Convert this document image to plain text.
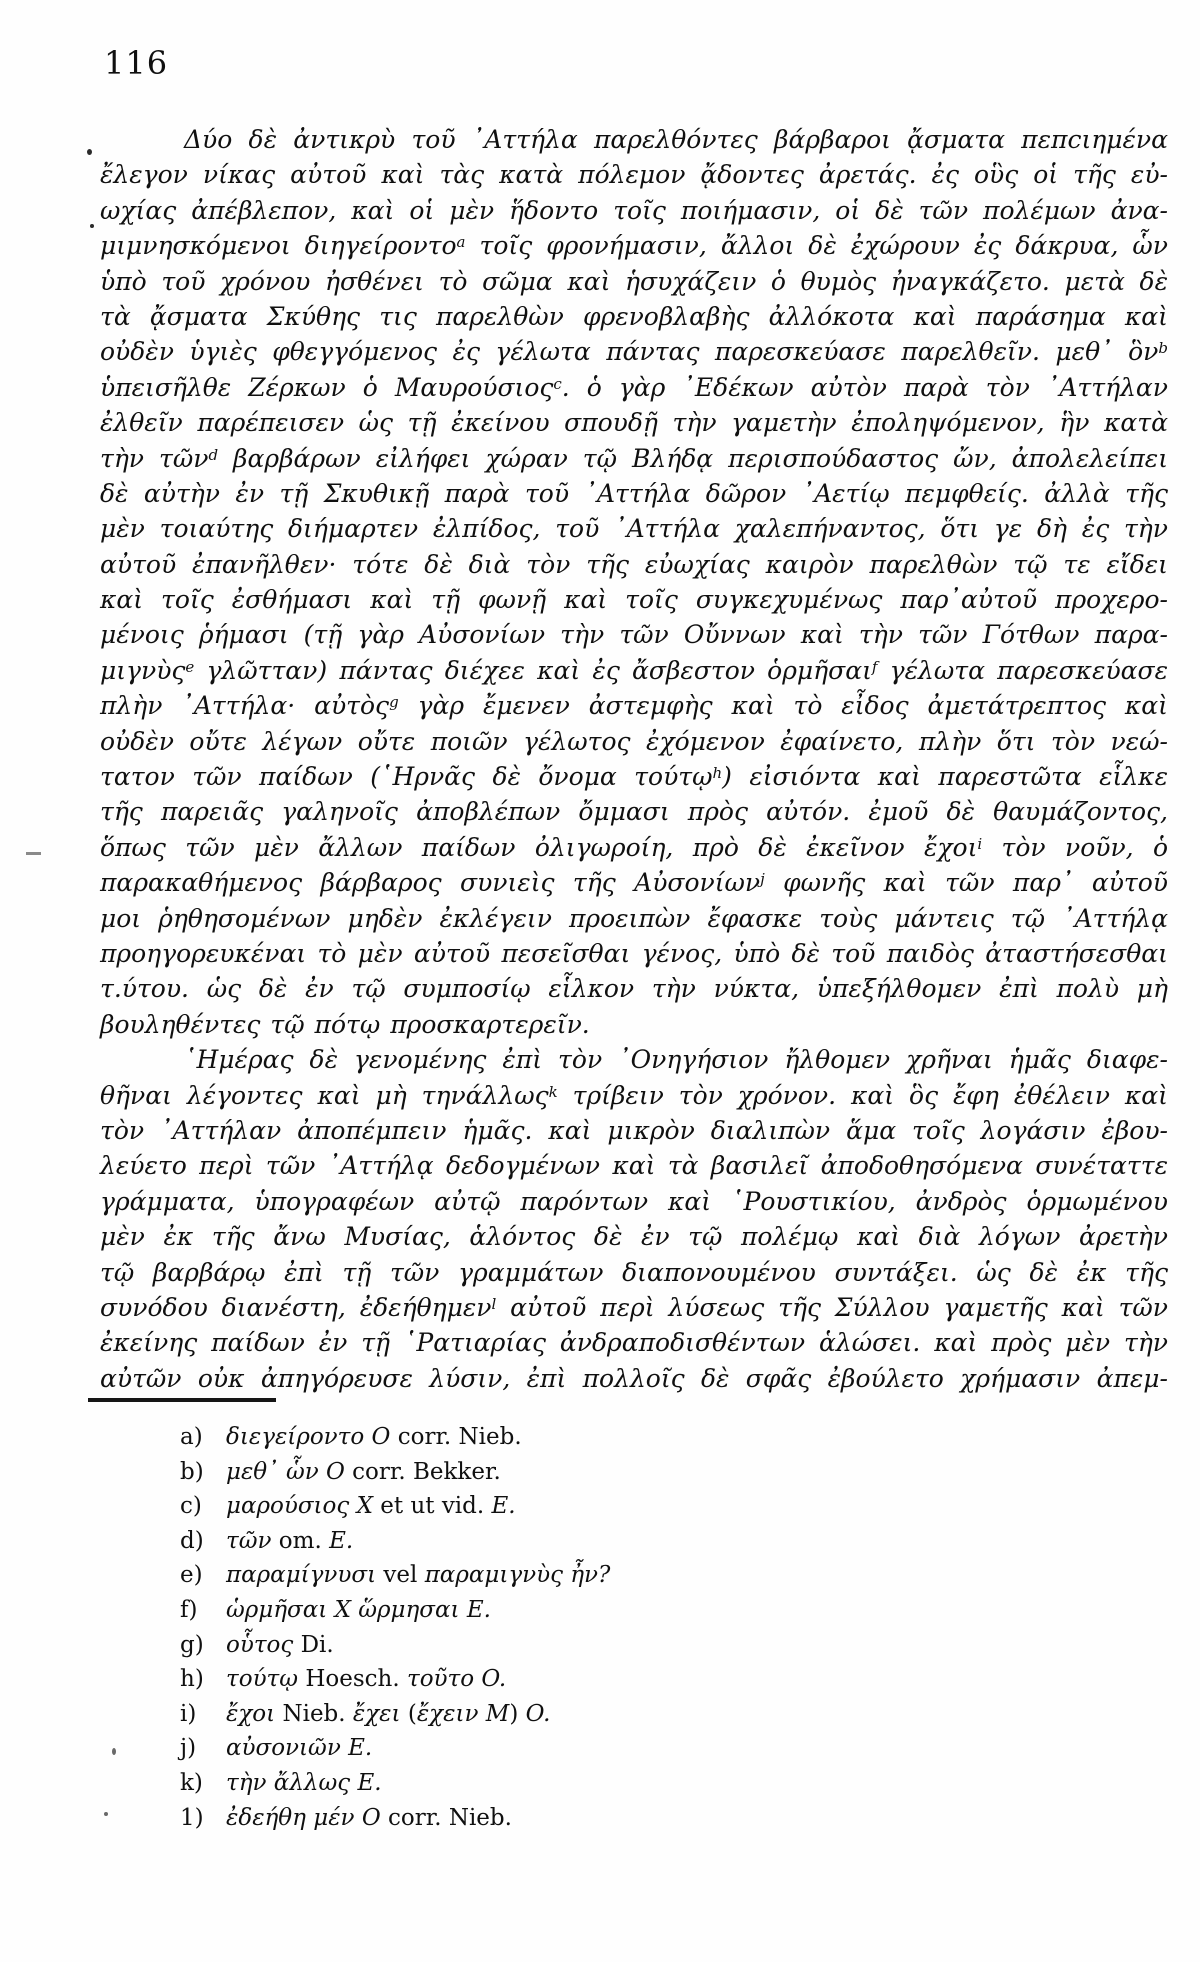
116
Δύο δὲ ἀντικρὺ τοῦ ᾽Αττήλα παρελθόντες βάρβαροι ᾄσματα πεπcιημένα
ἔλεγον νίκας αὐτοῦ καὶ τὰς κατὰ πόλεμον ᾄδοντες ἀρετάς. ἐς οὓς οἱ τῆς εὐ-
ωχίας ἀπέβλεπον, καὶ οἱ μὲν ἥδοντο τοῖς ποιήμασιν, οἱ δὲ τῶν πολέμων ἀνα-
μιμνησκόμενοι διηγείροντο$^a$ τοῖς φρονήμασιν, ἄλλοι δὲ ἐχώρουν ἐς δάκρυα, ὧν
ὑπὸ τοῦ χρόνου ἠσθένει τὸ σῶμα καὶ ἡσυχάζειν ὁ θυμὸς ἠναγκάζετο. μετὰ δὲ
τὰ ᾄσματα Σκύθης τις παρελθὼν φρενοβλαβὴς ἀλλόκοτα καὶ παράσημα καὶ
οὐδὲν ὑγιὲς φθεγγόμενος ἐς γέλωτα πάντας παρεσκεύασε παρελθεῖν. μεθ᾽ ὃν$^b$
ὑπεισῆλθε Ζέρκων ὁ Μαυρούσιος$^c$. ὁ γὰρ ᾽Εδέκων αὐτὸν παρὰ τὸν ᾽Αττήλαν
ἐλθεῖν παρέπεισεν ὡς τῇ ἐκείνου σπουδῇ τὴν γαμετὴν ἐποληψόμενον, ἣν κατὰ
τὴν τῶν$^d$ βαρβάρων εἰλήφει χώραν τῷ Βλήδᾳ περισπούδαστος ὤν, ἀπολελείπει
δὲ αὐτὴν ἐν τῇ Σκυθικῇ παρὰ τοῦ ᾽Αττήλα δῶρον ᾽Αετίῳ πεμφθείς. ἀλλὰ τῆς
μὲν τοιαύτης διήμαρτεν ἐλπίδος, τοῦ ᾽Αττήλα χαλεπήναντος, ὅτι γε δὴ ἐς τὴν
αὐτοῦ ἐπανῆλθεν· τότε δὲ διὰ τὸν τῆς εὐωχίας καιρὸν παρελθὼν τῷ τε εἴδει
καὶ τοῖς ἐσθήμασι καὶ τῇ φωνῇ καὶ τοῖς συγκεχυμένως παρ᾽αὐτοῦ προχερο-
μένοις ῥήμασι (τῇ γὰρ Αὐσονίων τὴν τῶν Οὔννων καὶ τὴν τῶν Γότθων παρα-
μιγνὺς$^e$ γλῶτταν) πάντας διέχεε καὶ ἐς ἄσβεστον ὁρμῆσαι$^f$ γέλωτα παρεσκεύασε
πλὴν ᾽Αττήλα· αὐτὸς$^g$ γὰρ ἔμενεν ἀστεμφὴς καὶ τὸ εἶδος ἀμετάτρεπτος καὶ
οὐδὲν οὔτε λέγων οὔτε ποιῶν γέλωτος ἐχόμενον ἐφαίνετο, πλὴν ὅτι τὸν νεώ-
τατον τῶν παίδων (῾Ηρνᾶς δὲ ὄνομα τούτῳ$^h$) εἰσιόντα καὶ παρεστῶτα εἷλκε
τῆς παρειᾶς γαληνοῖς ἀποβλέπων ὄμμασι πρὸς αὐτόν. ἐμοῦ δὲ θαυμάζοντος,
ὅπως τῶν μὲν ἄλλων παίδων ὀλιγωροίη, πρὸ δὲ ἐκεῖνον ἔχοι$^i$ τὸν νοῦν, ὁ
παρακαθήμενος βάρβαρος συνιεὶς τῆς Αὐσονίων$^j$ φωνῆς καὶ τῶν παρ᾽ αὐτοῦ
μοι ῥηθησομένων μηδὲν ἐκλέγειν προειπὼν ἔφασκε τοὺς μάντεις τῷ ᾽Αττήλᾳ
προηγορευκέναι τὸ μὲν αὐτοῦ πεσεῖσθαι γένος, ὑπὸ δὲ τοῦ παιδὸς ἀταστήσεσθαι
τ.ύτου. ὡς δὲ ἐν τῷ συμποσίῳ εἷλκον τὴν νύκτα, ὑπεξήλθομεν ἐπὶ πολὺ μὴ
βουληθέντες τῷ πότῳ προσκαρτερεῖν.
῾Ημέρας δὲ γενομένης ἐπὶ τὸν ᾽Ονηγήσιον ἤλθομεν χρῆναι ἡμᾶς διαφε-
θῆναι λέγοντες καὶ μὴ τηνάλλως$^k$ τρίβειν τὸν χρόνον. καὶ ὃς ἔφη ἐθέλειν καὶ
τὸν ᾽Αττήλαν ἀποπέμπειν ἡμᾶς. καὶ μικρὸν διαλιπὼν ἅμα τοῖς λογάσιν ἐβου-
λεύετο περὶ τῶν ᾽Αττήλᾳ δεδογμένων καὶ τὰ βασιλεῖ ἀποδοθησόμενα συνέταττε
γράμματα, ὑπογραφέων αὐτῷ παρόντων καὶ ῾Ρουστικίου, ἀνδρὸς ὁρμωμένου
μὲν ἐκ τῆς ἄνω Μυσίας, ἁλόντος δὲ ἐν τῷ πολέμῳ καὶ διὰ λόγων ἀρετὴν
τῷ βαρβάρῳ ἐπὶ τῇ τῶν γραμμάτων διαπονουμένου συντάξει. ὡς δὲ ἐκ τῆς
συνόδου διανέστη, ἐδεήθημεν$^l$ αὐτοῦ περὶ λύσεως τῆς Σύλλου γαμετῆς καὶ τῶν
ἐκείνης παίδων ἐν τῇ ῾Ρατιαρίας ἀνδραποδισθέντων ἁλώσει. καὶ πρὸς μὲν τὴν
αὐτῶν οὐκ ἀπηγόρευσε λύσιν, ἐπὶ πολλοῖς δὲ σφᾶς ἐβούλετο χρήμασιν ἀπεμ-
a) διεγείροντο O corr. Nieb.
b) μεθ᾽ ὧν O corr. Bekker.
c) μαρούσιος X et ut vid. E.
d) τῶν om. E.
e) παραμίγνυσι vel παραμιγνὺς ἦν?
f) ὡρμῆσαι X ὥρμησαι E.
g) οὗτος Di.
h) τούτῳ Hoesch. τοῦτο O.
i) ἔχοι Nieb. ἔχει (ἔχειν M) O.
j) αὐσονιῶν E.
k) τὴν ἄλλως E.
1) ἐδεήθη μέν O corr. Nieb.
